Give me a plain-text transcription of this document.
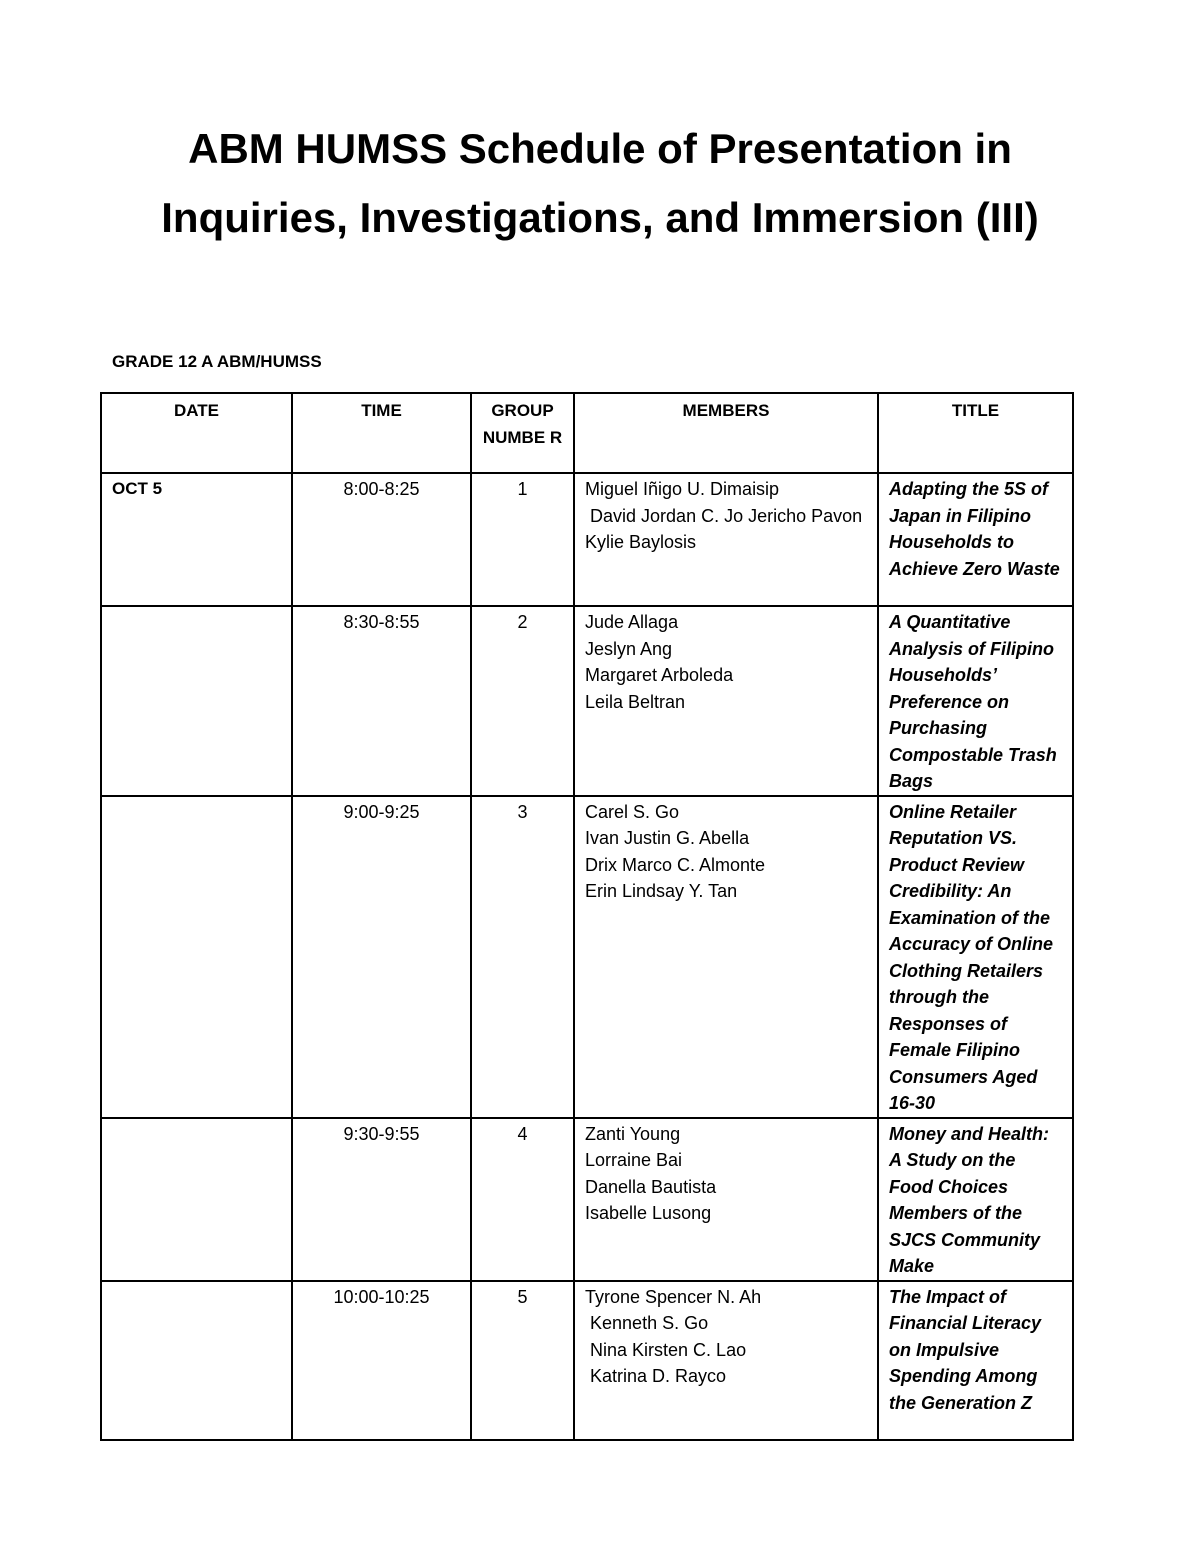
ABM HUMSS Schedule of Presentation in
Inquiries, Investigations, and Immersion (III)

GRADE 12 A ABM/HUMSS

DATE	TIME	GROUP NUMBE R	MEMBERS	TITLE
OCT 5	8:00-8:25	1	Miguel Iñigo U. Dimaisip
David Jordan C. Jo Jericho Pavon
Kylie Baylosis	Adapting the 5S of Japan in Filipino Households to Achieve Zero Waste
	8:30-8:55	2	Jude Allaga
Jeslyn Ang
Margaret Arboleda
Leila Beltran	A Quantitative Analysis of Filipino Households’ Preference on Purchasing Compostable Trash Bags
	9:00-9:25	3	Carel S. Go
Ivan Justin G. Abella
Drix Marco C. Almonte
Erin Lindsay Y. Tan	Online Retailer Reputation VS. Product Review Credibility: An Examination of the Accuracy of Online Clothing Retailers through the Responses of Female Filipino Consumers Aged 16-30
	9:30-9:55	4	Zanti Young
Lorraine Bai
Danella Bautista
Isabelle Lusong	Money and Health: A Study on the Food Choices Members of the SJCS Community Make
	10:00-10:25	5	Tyrone Spencer N. Ah
Kenneth S. Go
Nina Kirsten C. Lao
Katrina D. Rayco	The Impact of Financial Literacy on Impulsive Spending Among the Generation Z
